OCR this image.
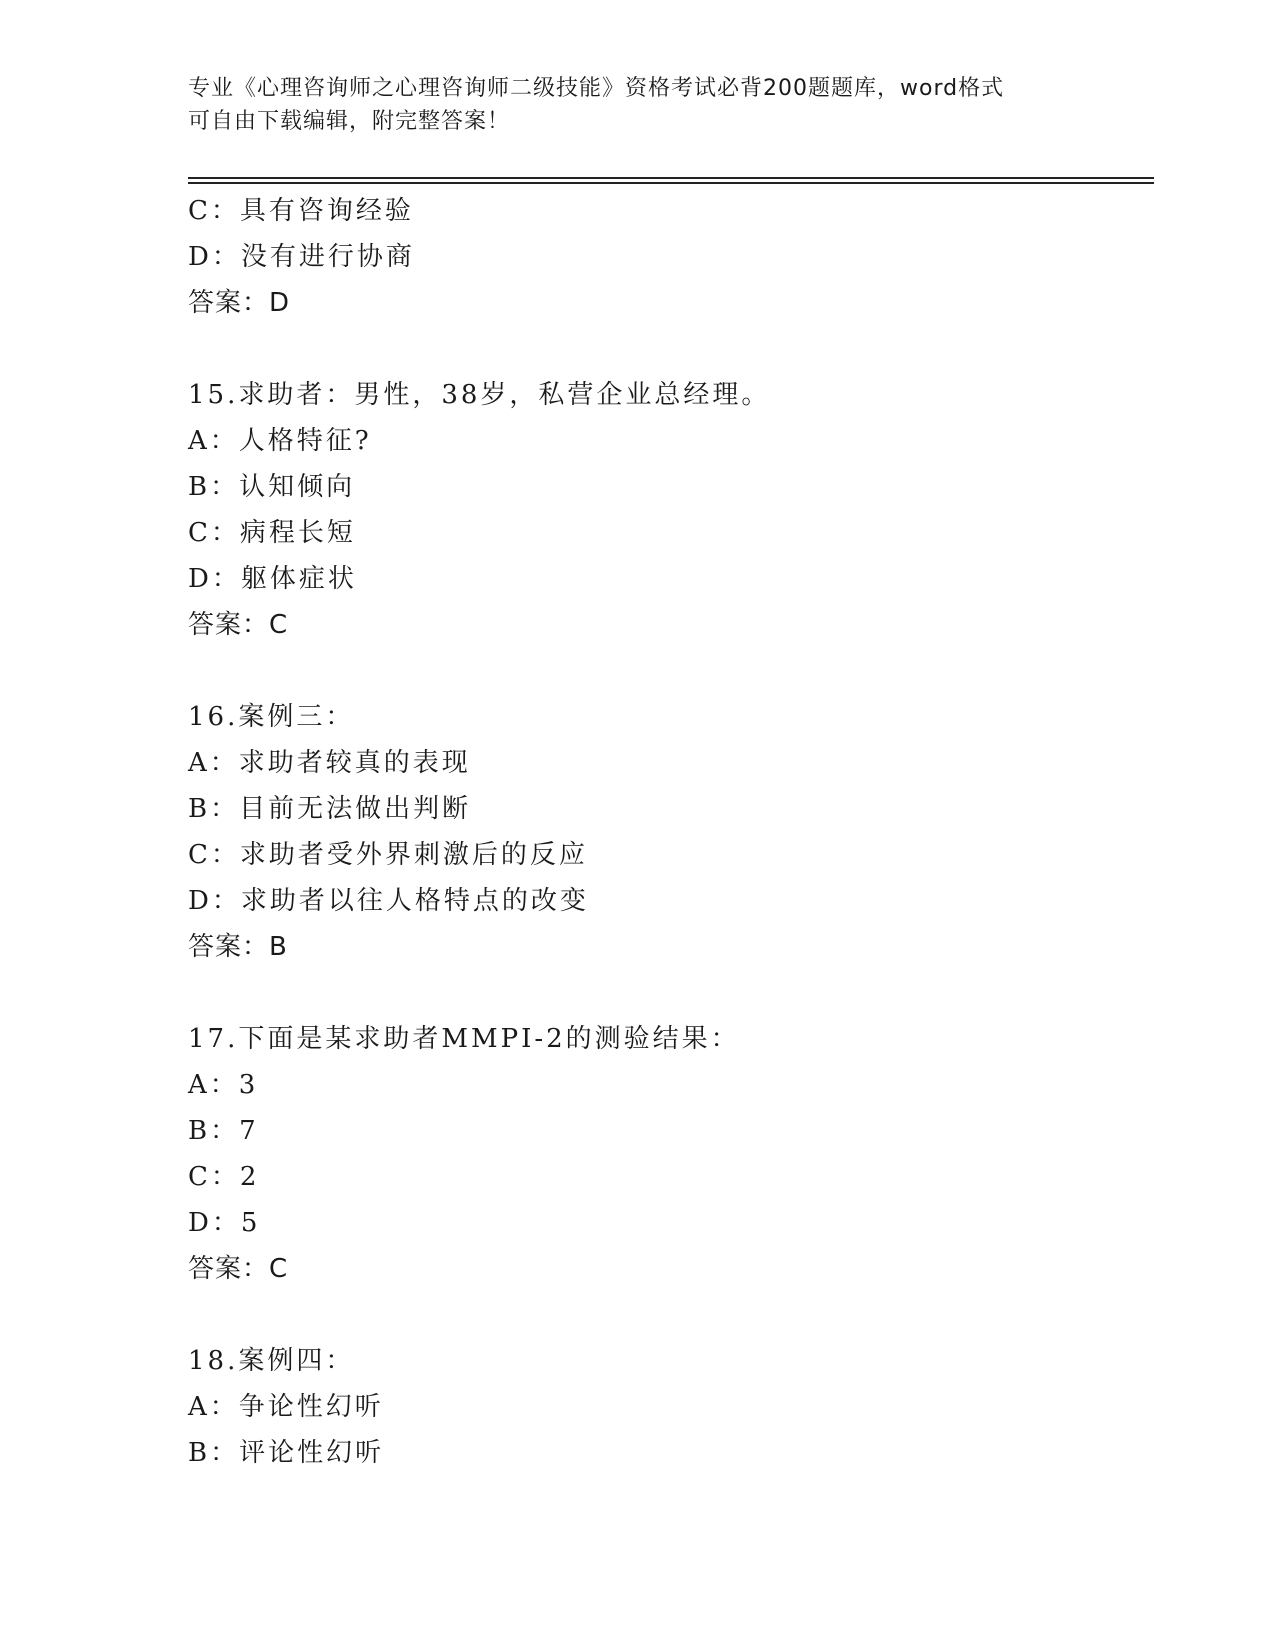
专业《心理咨询师之心理咨询师二级技能》资格考试必背200题题库，word格式
可自由下载编辑，附完整答案！
C：具有咨询经验
D：没有进行协商
答案：D
15.求助者：男性，38岁，私营企业总经理。
A：人格特征?
B：认知倾向
C：病程长短
D：躯体症状
答案：C
16.案例三：
A：求助者较真的表现
B：目前无法做出判断
C：求助者受外界刺激后的反应
D：求助者以往人格特点的改变
答案：B
17.下面是某求助者MMPI-2的测验结果：
A：3
B：7
C：2
D：5
答案：C
18.案例四：
A：争论性幻听
B：评论性幻听
